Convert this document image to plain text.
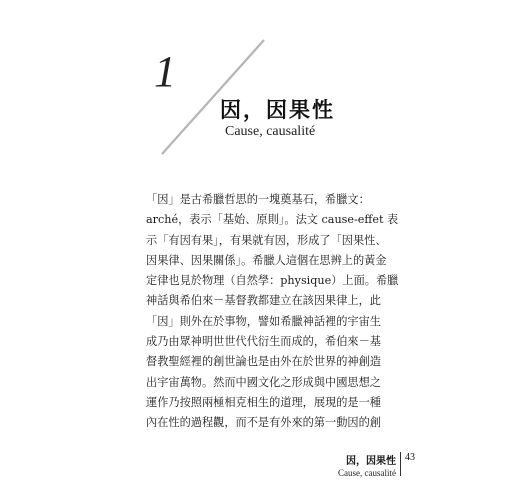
1
因，因果性
Cause, causalité
「因」是古希臘哲思的一塊奠基石，希臘文：
arché，表示「基始、原則」。法文 cause-effet 表
示「有因有果」，有果就有因，形成了「因果性、
因果律、因果關係」。希臘人這個在思辨上的黃金
定律也見於物理（自然學：physique）上面。希臘
神話與希伯來－基督教都建立在該因果律上，此
「因」則外在於事物，譬如希臘神話裡的宇宙生
成乃由眾神明世世代代衍生而成的，希伯來－基
督教聖經裡的創世論也是由外在於世界的神創造
出宇宙萬物。然而中國文化之形成與中國思想之
運作乃按照兩極相克相生的道理，展現的是一種
內在性的過程觀，而不是有外來的第一動因的創
因，因果性
Cause, causalité
43
